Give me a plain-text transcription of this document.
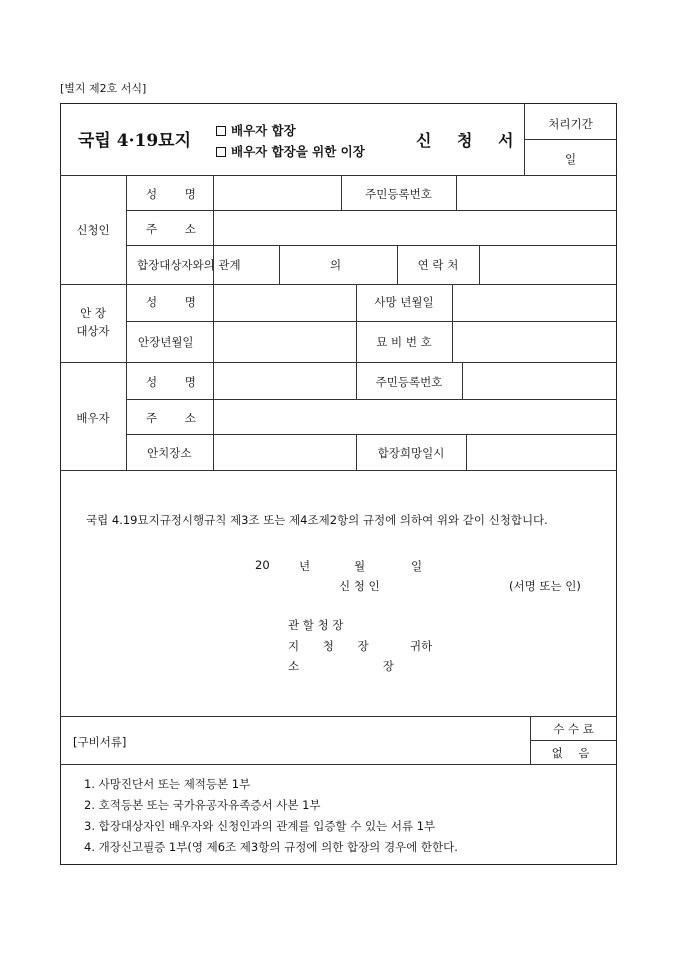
[별지 제2호 서식]
국립 4·19묘지
배우자 합장
배우자 합장을 위한 이장
신 청 서
처리기간
일
신청인
성 명	주민등록번호
주 소
합장대상자와의 관계	의	연 락 처
안 장
대상자
성 명	사망 년월일
안장년월일	묘 비 번 호
배우자
성 명	주민등록번호
주 소
안치장소	합장희망일시
국립 4.19묘지규정시행규칙 제3조 또는 제4조제2항의 규정에 의하여 위와 같이 신청합니다.
20	년	월	일
신 청 인	(서명 또는 인)
관 할 청 장
지 청 장	귀하
소 장
[구비서류]
수 수 료
없 음
1. 사망진단서 또는 제적등본 1부
2. 호적등본 또는 국가유공자유족증서 사본 1부
3. 합장대상자인 배우자와 신청인과의 관계를 입증할 수 있는 서류 1부
4. 개장신고필증 1부(영 제6조 제3항의 규정에 의한 합장의 경우에 한한다.
